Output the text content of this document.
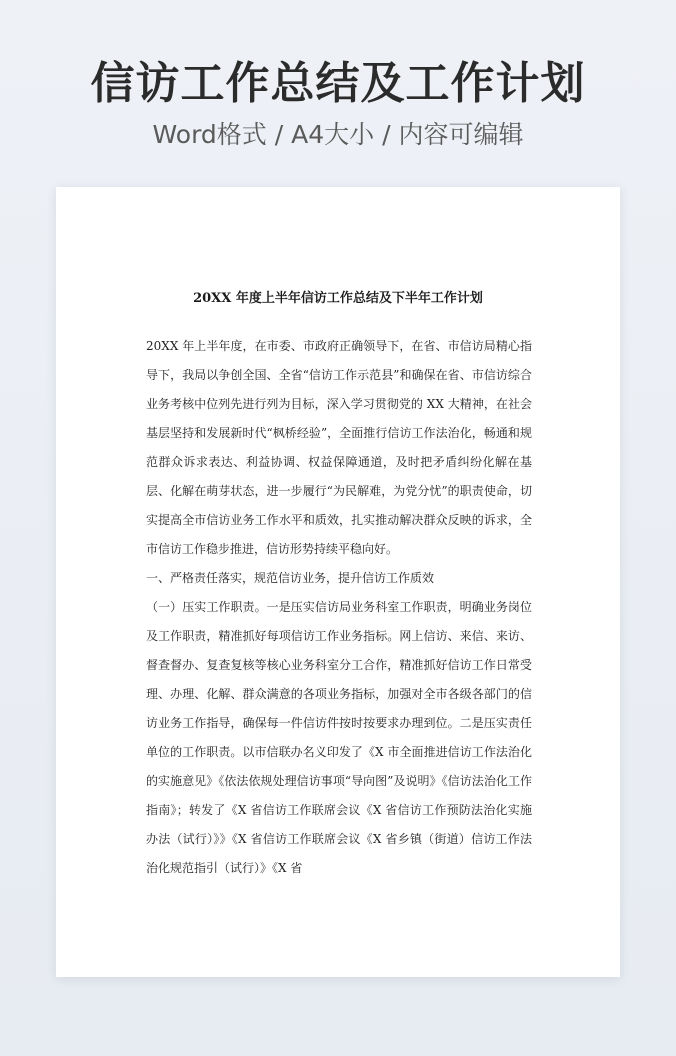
信访工作总结及工作计划
Word格式 / A4大小 / 内容可编辑
20XX 年度上半年信访工作总结及下半年工作计划

20XX 年上半年度，在市委、市政府正确领导下，在省、市信访局精心指导下，我局以争创全国、全省“信访工作示范县”和确保在省、市信访综合业务考核中位列先进行列为目标，深入学习贯彻党的 XX 大精神，在社会基层坚持和发展新时代“枫桥经验”，全面推行信访工作法治化，畅通和规范群众诉求表达、利益协调、权益保障通道，及时把矛盾纠纷化解在基层、化解在萌芽状态，进一步履行“为民解难，为党分忧”的职责使命，切实提高全市信访业务工作水平和质效，扎实推动解决群众反映的诉求，全市信访工作稳步推进，信访形势持续平稳向好。

一、严格责任落实，规范信访业务，提升信访工作质效

（一）压实工作职责。一是压实信访局业务科室工作职责，明确业务岗位及工作职责，精准抓好每项信访工作业务指标。网上信访、来信、来访、督查督办、复查复核等核心业务科室分工合作，精准抓好信访工作日常受理、办理、化解、群众满意的各项业务指标，加强对全市各级各部门的信访业务工作指导，确保每一件信访件按时按要求办理到位。二是压实责任单位的工作职责。以市信联办名义印发了《X 市全面推进信访工作法治化的实施意见》《依法依规处理信访事项“导向图”及说明》《信访法治化工作指南》；转发了《X 省信访工作联席会议《X 省信访工作预防法治化实施办法（试行）》》《X 省信访工作联席会议《X 省乡镇（街道）信访工作法治化规范指引（试行）》《X 省
